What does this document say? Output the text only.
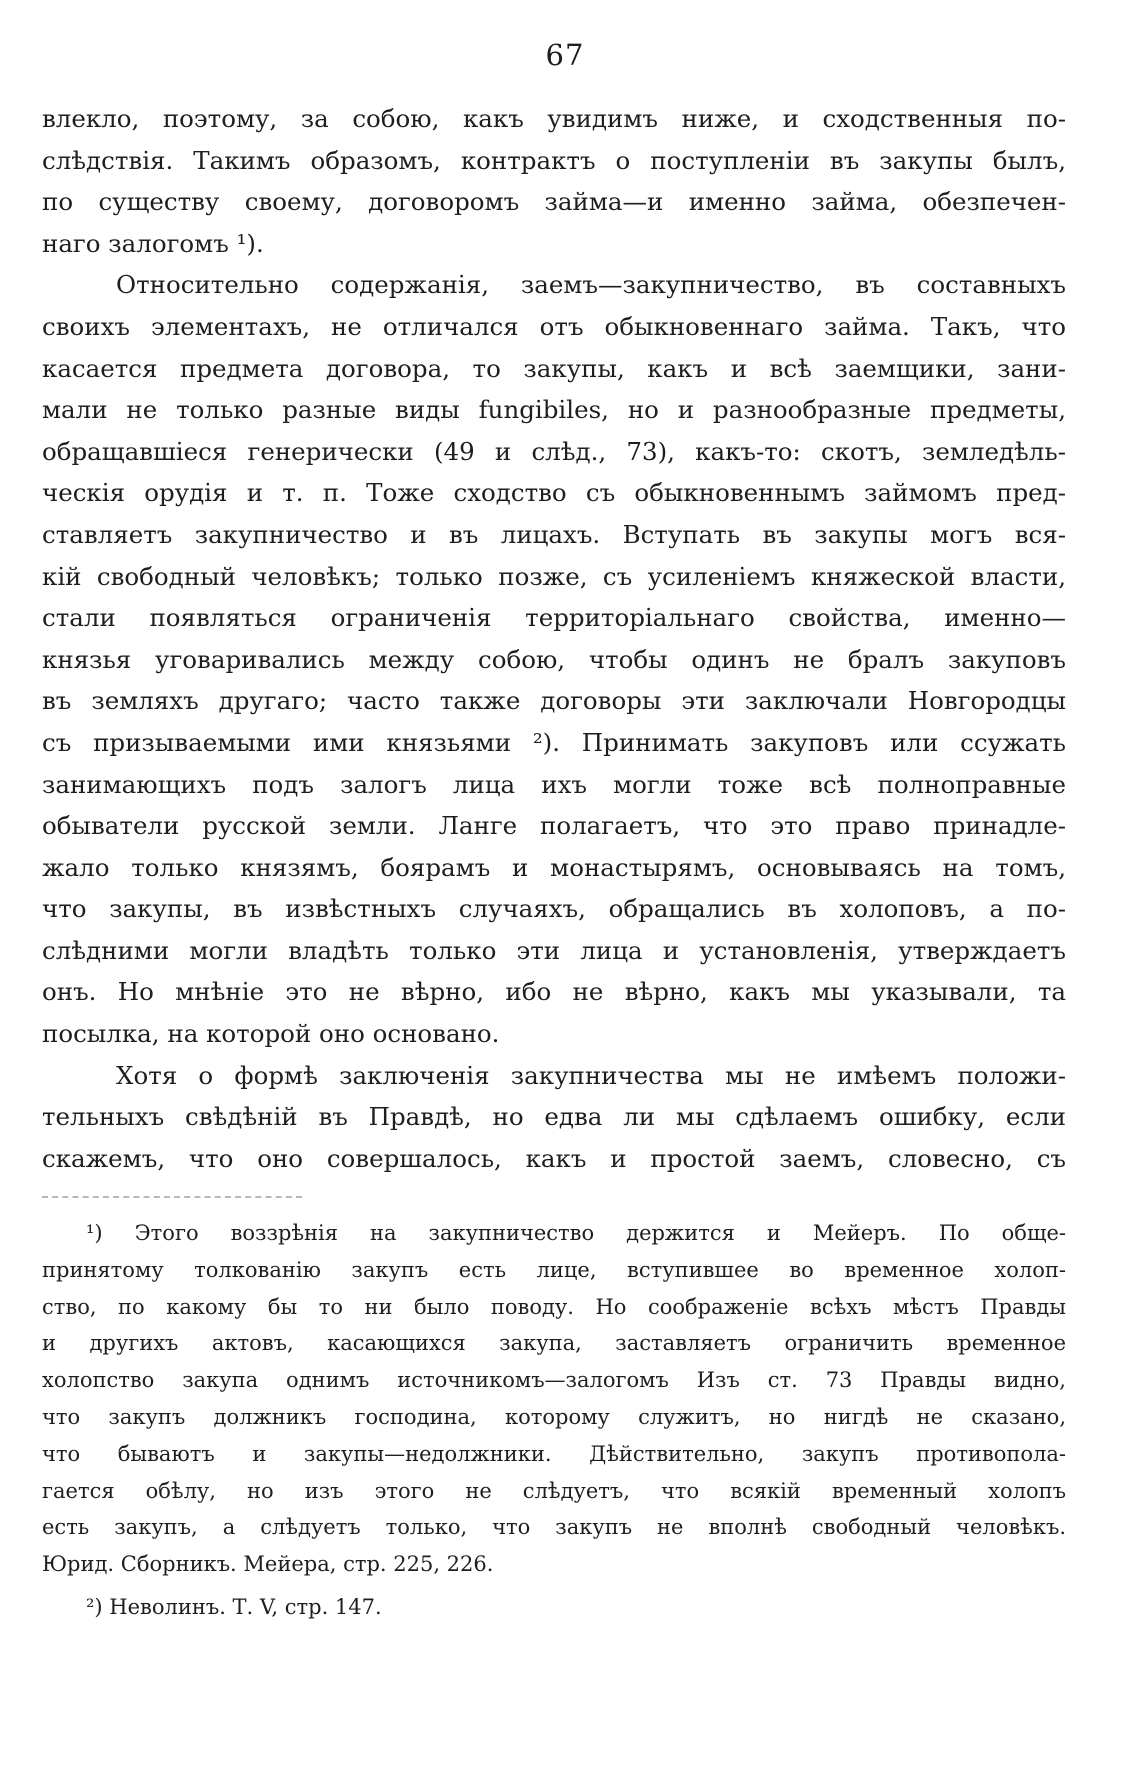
67
влекло, поэтому, за собою, какъ увидимъ ниже, и сходственныя по-
слѣдствія. Такимъ образомъ, контрактъ о поступленіи въ закупы былъ,
по существу своему, договоромъ займа—и именно займа, обезпечен-
наго залогомъ ¹).
Относительно содержанія, заемъ—закупничество, въ составныхъ
своихъ элементахъ, не отличался отъ обыкновеннаго займа. Такъ, что
касается предмета договора, то закупы, какъ и всѣ заемщики, зани-
мали не только разные виды fungibiles, но и разнообразные предметы,
обращавшіеся генерически (49 и слѣд., 73), какъ-то: скотъ, земледѣль-
ческія орудія и т. п. Тоже сходство съ обыкновеннымъ займомъ пред-
ставляетъ закупничество и въ лицахъ. Вступать въ закупы могъ вся-
кій свободный человѣкъ; только позже, съ усиленіемъ княжеской власти,
стали появляться ограниченія территоріальнаго свойства, именно—
князья уговаривались между собою, чтобы одинъ не бралъ закуповъ
въ земляхъ другаго; часто также договоры эти заключали Новгородцы
съ призываемыми ими князьями ²). Принимать закуповъ или ссужать
занимающихъ подъ залогъ лица ихъ могли тоже всѣ полноправные
обыватели русской земли. Ланге полагаетъ, что это право принадле-
жало только князямъ, боярамъ и монастырямъ, основываясь на томъ,
что закупы, въ извѣстныхъ случаяхъ, обращались въ холоповъ, а по-
слѣдними могли владѣть только эти лица и установленія, утверждаетъ
онъ. Но мнѣніе это не вѣрно, ибо не вѣрно, какъ мы указывали, та
посылка, на которой оно основано.
Хотя о формѣ заключенія закупничества мы не имѣемъ положи-
тельныхъ свѣдѣній въ Правдѣ, но едва ли мы сдѣлаемъ ошибку, если
скажемъ, что оно совершалось, какъ и простой заемъ, словесно, съ
¹) Этого воззрѣнія на закупничество держится и Мейеръ. По обще-
принятому толкованію закупъ есть лице, вступившее во временное холоп-
ство, по какому бы то ни было поводу. Но соображеніе всѣхъ мѣстъ Правды
и другихъ актовъ, касающихся закупа, заставляетъ ограничить временное
холопство закупа однимъ источникомъ—залогомъ Изъ ст. 73 Правды видно,
что закупъ должникъ господина, которому служитъ, но нигдѣ не сказано,
что бываютъ и закупы—недолжники. Дѣйствительно, закупъ противопола-
гается обѣлу, но изъ этого не слѣдуетъ, что всякій временный холопъ
есть закупъ, а слѣдуетъ только, что закупъ не вполнѣ свободный человѣкъ.
Юрид. Сборникъ. Мейера, стр. 225, 226.
²) Неволинъ. Т. V, стр. 147.
